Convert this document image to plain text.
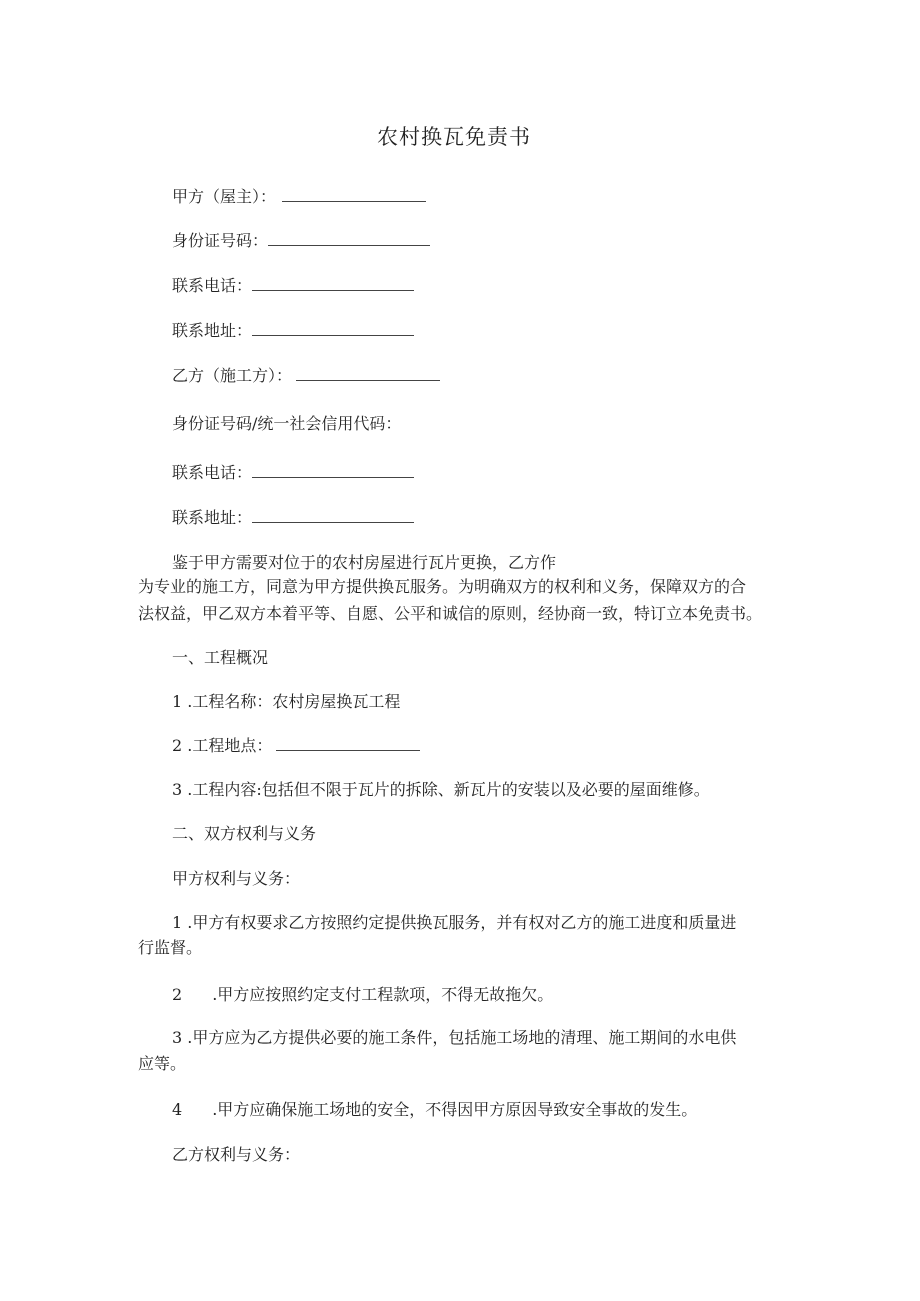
农村换瓦免责书
甲方（屋主）：
身份证号码：
联系电话：
联系地址：
乙方（施工方）：
身份证号码/统一社会信用代码：
联系电话：
联系地址：
鉴于甲方需要对位于的农村房屋进行瓦片更换，乙方作
为专业的施工方，同意为甲方提供换瓦服务。为明确双方的权利和义务，保障双方的合
法权益，甲乙双方本着平等、自愿、公平和诚信的原则，经协商一致，特订立本免责书。
一、工程概况
1 .工程名称：农村房屋换瓦工程
2 .工程地点：
3 .工程内容:包括但不限于瓦片的拆除、新瓦片的安装以及必要的屋面维修。
二、双方权利与义务
甲方权利与义务：
1 .甲方有权要求乙方按照约定提供换瓦服务，并有权对乙方的施工进度和质量进
行监督。
2 .甲方应按照约定支付工程款项，不得无故拖欠。
3 .甲方应为乙方提供必要的施工条件，包括施工场地的清理、施工期间的水电供
应等。
4 .甲方应确保施工场地的安全，不得因甲方原因导致安全事故的发生。
乙方权利与义务：
